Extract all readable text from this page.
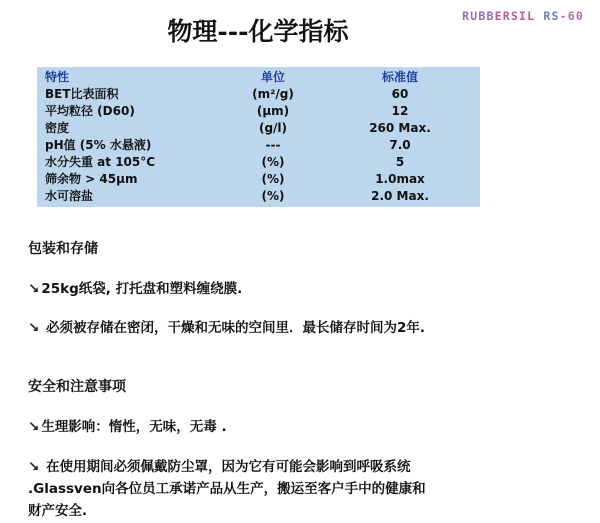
RUBBERSIL RS-60
物理---化学指标
特性	单位	标准值
BET比表面积	(m²/g)	60
平均粒径 (D60)	(μm)	12
密度	(g/l)	260 Max.
pH值 (5% 水悬液)	---	7.0
水分失重 at 105°C	(%)	5
筛余物 > 45μm	(%)	1.0max
水可溶盐	(%)	2.0 Max.
包装和存储
↘ 25kg纸袋, 打托盘和塑料缠绕膜.
↘ 必须被存储在密闭，干燥和无味的空间里．最长储存时间为2年.
安全和注意事项
↘ 生理影响：惰性，无味，无毒 .
↘ 在使用期间必须佩戴防尘罩，因为它有可能会影响到呼吸系统
.Glassven向各位员工承诺产品从生产，搬运至客户手中的健康和
财产安全.
